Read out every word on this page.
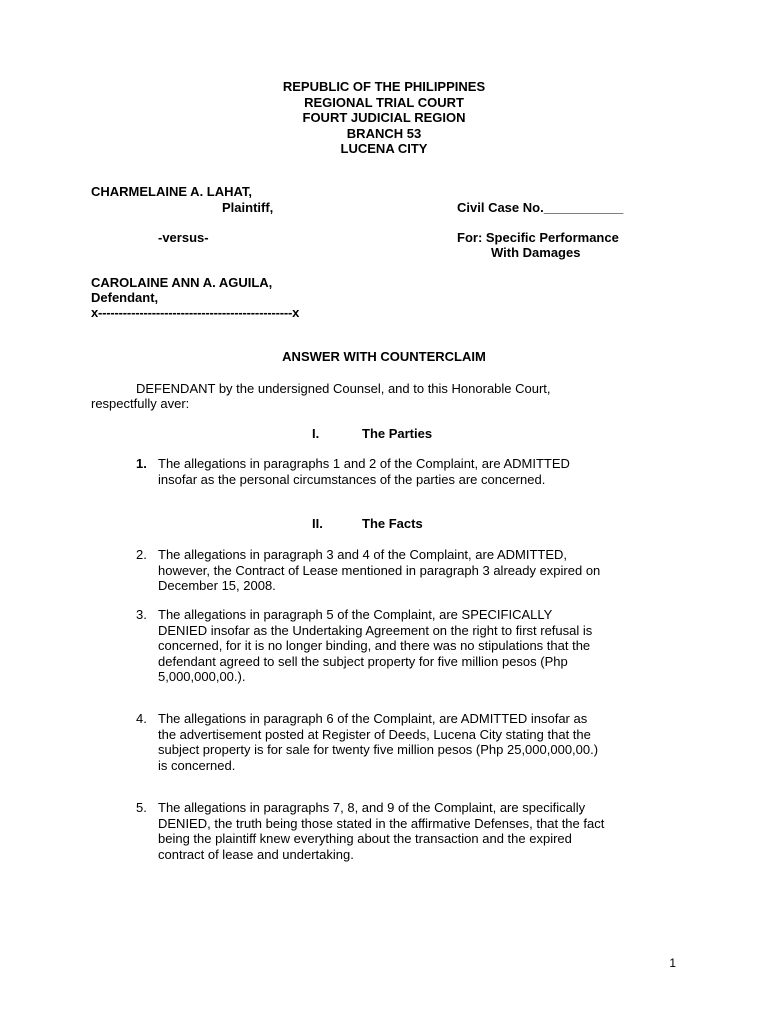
REPUBLIC OF THE PHILIPPINES
REGIONAL TRIAL COURT
FOURT JUDICIAL REGION
BRANCH 53
LUCENA CITY
CHARMELAINE A. LAHAT,
Plaintiff,	Civil Case No.___________
-versus-	For: Specific Performance
With Damages
CAROLAINE ANN A. AGUILA,
Defendant,
x-----------------------------------------------x
ANSWER WITH COUNTERCLAIM
DEFENDANT by the undersigned Counsel, and to this Honorable Court,
respectfully aver:
I.	The Parties
1. The allegations in paragraphs 1 and 2 of the Complaint, are ADMITTED
insofar as the personal circumstances of the parties are concerned.
II.	The Facts
2. The allegations in paragraph 3 and 4 of the Complaint, are ADMITTED,
however, the Contract of Lease mentioned in paragraph 3 already expired on
December 15, 2008.
3. The allegations in paragraph 5 of the Complaint, are SPECIFICALLY
DENIED insofar as the Undertaking Agreement on the right to first refusal is
concerned, for it is no longer binding, and there was no stipulations that the
defendant agreed to sell the subject property for five million pesos (Php
5,000,000,00.).
4. The allegations in paragraph 6 of the Complaint, are ADMITTED insofar as
the advertisement posted at Register of Deeds, Lucena City stating that the
subject property is for sale for twenty five million pesos (Php 25,000,000,00.)
is concerned.
5. The allegations in paragraphs 7, 8, and 9 of the Complaint, are specifically
DENIED, the truth being those stated in the affirmative Defenses, that the fact
being the plaintiff knew everything about the transaction and the expired
contract of lease and undertaking.
1
